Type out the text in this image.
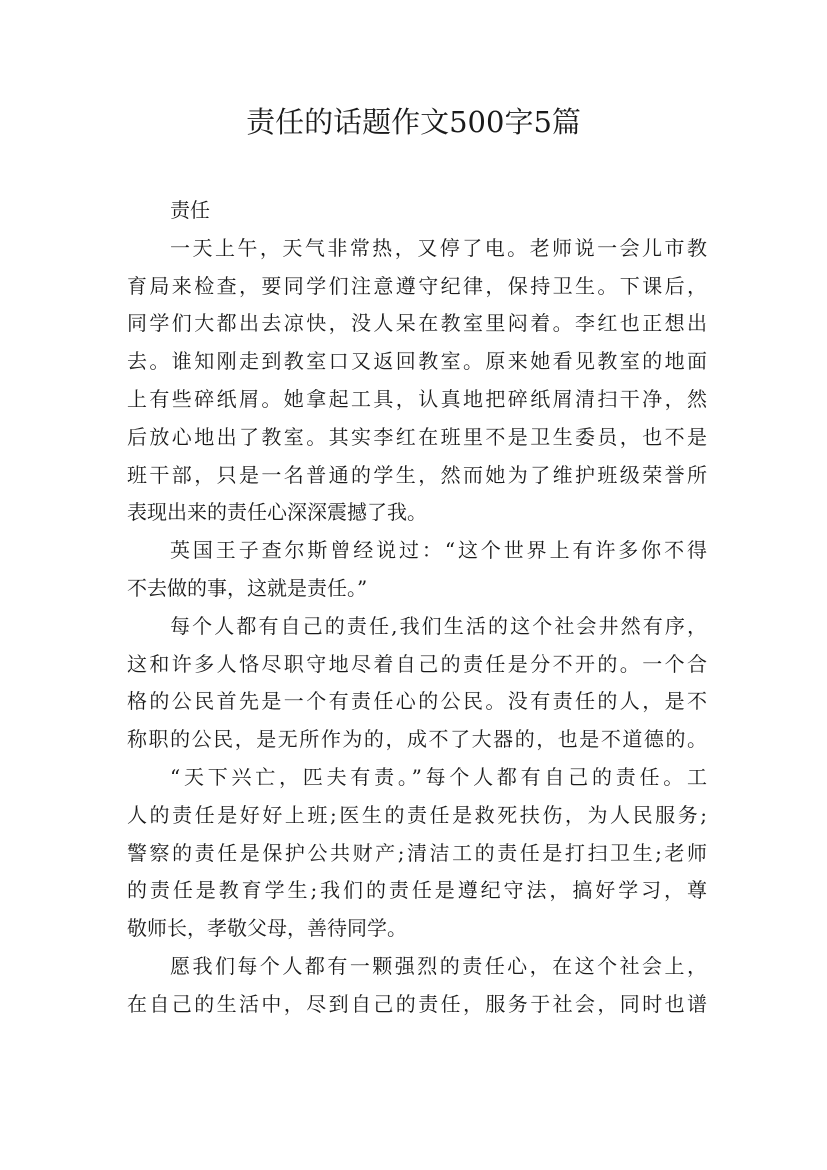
责任的话题作文500字5篇
责任
一天上午，天气非常热，又停了电。老师说一会儿市教
育局来检查，要同学们注意遵守纪律，保持卫生。下课后，
同学们大都出去凉快，没人呆在教室里闷着。李红也正想出
去。谁知刚走到教室口又返回教室。原来她看见教室的地面
上有些碎纸屑。她拿起工具，认真地把碎纸屑清扫干净，然
后放心地出了教室。其实李红在班里不是卫生委员，也不是
班干部，只是一名普通的学生，然而她为了维护班级荣誉所
表现出来的责任心深深震撼了我。
英国王子查尔斯曾经说过：“这个世界上有许多你不得
不去做的事，这就是责任。”
每个人都有自己的责任,我们生活的这个社会井然有序，
这和许多人恪尽职守地尽着自己的责任是分不开的。一个合
格的公民首先是一个有责任心的公民。没有责任的人，是不
称职的公民，是无所作为的，成不了大器的，也是不道德的。
“天下兴亡，匹夫有责。”每个人都有自己的责任。工
人的责任是好好上班;医生的责任是救死扶伤，为人民服务;
警察的责任是保护公共财产;清洁工的责任是打扫卫生;老师
的责任是教育学生;我们的责任是遵纪守法，搞好学习，尊
敬师长，孝敬父母，善待同学。
愿我们每个人都有一颗强烈的责任心，在这个社会上，
在自己的生活中，尽到自己的责任，服务于社会，同时也谱
